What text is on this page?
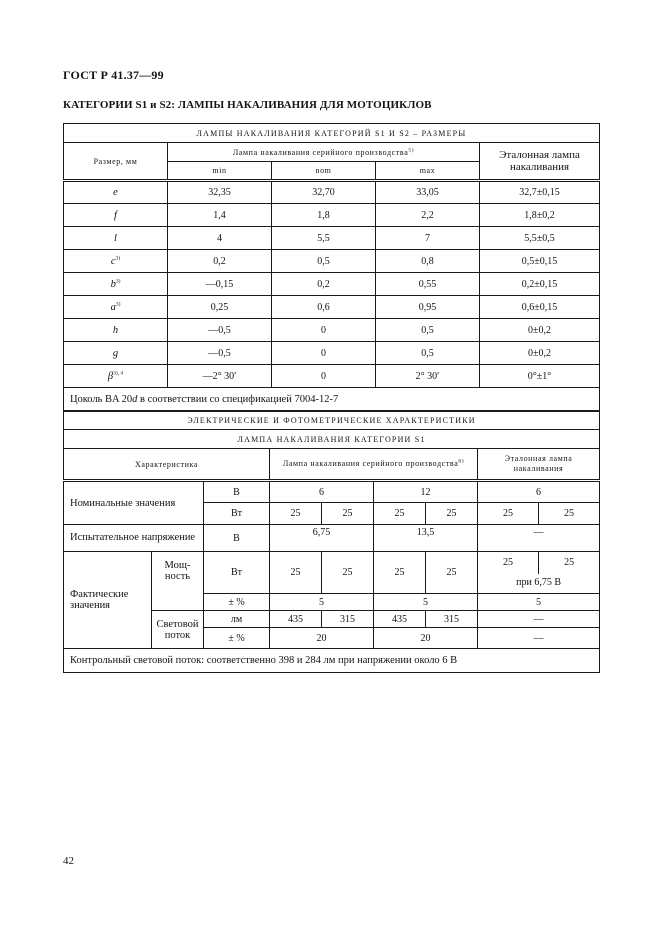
ГОСТ Р 41.37—99
КАТЕГОРИИ S1 и S2: ЛАМПЫ НАКАЛИВАНИЯ ДЛЯ МОТОЦИКЛОВ
ЛАМПЫ НАКАЛИВАНИЯ КАТЕГОРИЙ S1 И S2 – РАЗМЕРЫ				
Размер, мм	Лампа накаливания серийного производства$^{5)}$			Эталонная лампа накаливания
	min	nom	max	
e	32,35	32,70	33,05	32,7±0,15
f	1,4	1,8	2,2	1,8±0,2
l	4	5,5	7	5,5±0,5
$c^{3)}$	0,2	0,5	0,8	0,5±0,15
$b^{3)}$	—0,15	0,2	0,55	0,2±0,15
$a^{3)}$	0,25	0,6	0,95	0,6±0,15
h	—0,5	0	0,5	0±0,2
g	—0,5	0	0,5	0±0,2
$\beta^{3), 4}$	—2° 30′	0	2° 30′	0°±1°
Цоколь BA 20d в соответствии со спецификацией 7004-12-7				
ЭЛЕКТРИЧЕСКИЕ И ФОТОМЕТРИЧЕСКИЕ ХАРАКТЕРИСТИКИ								
ЛАМПА НАКАЛИВАНИЯ КАТЕГОРИИ S1								
Характеристика			Лампа накаливания серийного производства$^{6)}$				Эталонная лампа накаливания	
Номинальные значения		В	6		12		6	
		Вт	25	25	25	25	25	25
Испытательное напряжение		В	6,75		13,5		—	
Фактические значения	Мощ-ность	Вт	25	25	25	25	25 25
при 6,75 В	

		± %	5		5		5	
	Световой поток	лм	435	315	435	315	—	
		± %	20		20		—	
Контрольный световой поток: соответственно 398 и 284 лм при напряжении около 6 В								
42
